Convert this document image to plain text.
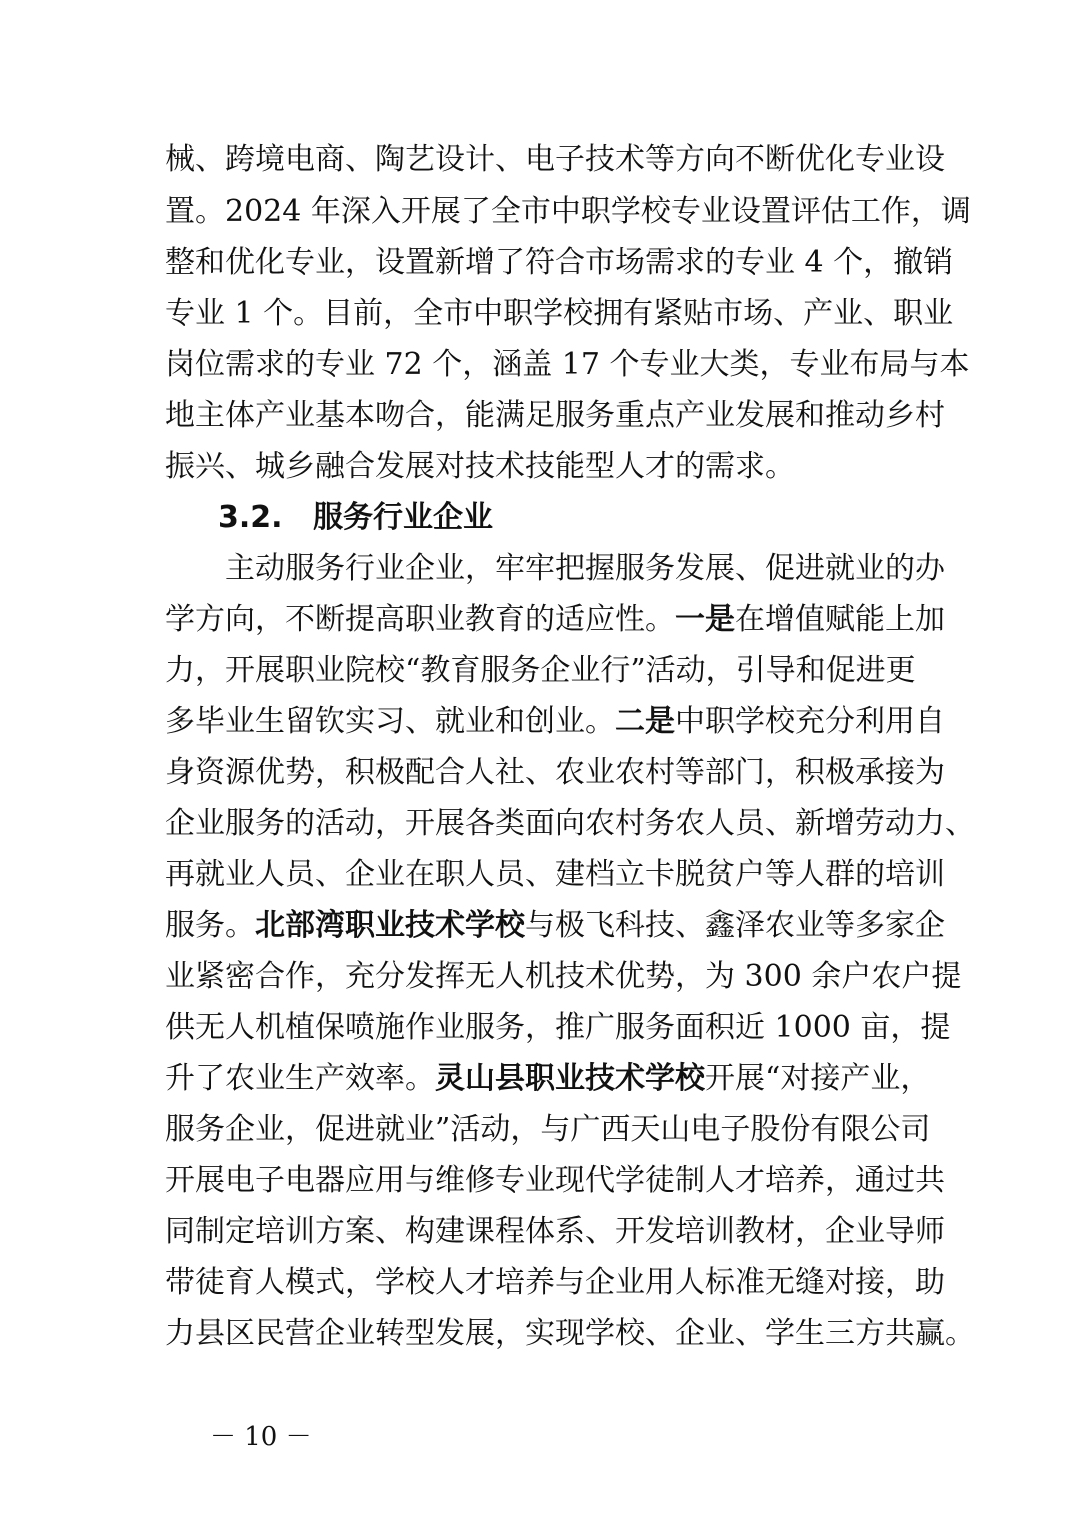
械、跨境电商、陶艺设计、电子技术等方向不断优化专业设
置。2024 年深入开展了全市中职学校专业设置评估工作，调
整和优化专业，设置新增了符合市场需求的专业 4 个，撤销
专业 1 个。目前，全市中职学校拥有紧贴市场、产业、职业
岗位需求的专业 72 个，涵盖 17 个专业大类，专业布局与本
地主体产业基本吻合，能满足服务重点产业发展和推动乡村
振兴、城乡融合发展对技术技能型人才的需求。
3.2. 服务行业企业
主动服务行业企业，牢牢把握服务发展、促进就业的办
学方向，不断提高职业教育的适应性。一是在增值赋能上加
力，开展职业院校“教育服务企业行”活动，引导和促进更
多毕业生留钦实习、就业和创业。二是中职学校充分利用自
身资源优势，积极配合人社、农业农村等部门，积极承接为
企业服务的活动，开展各类面向农村务农人员、新增劳动力、
再就业人员、企业在职人员、建档立卡脱贫户等人群的培训
服务。北部湾职业技术学校与极飞科技、鑫泽农业等多家企
业紧密合作，充分发挥无人机技术优势，为 300 余户农户提
供无人机植保喷施作业服务，推广服务面积近 1000 亩，提
升了农业生产效率。灵山县职业技术学校开展“对接产业，
服务企业，促进就业”活动，与广西天山电子股份有限公司
开展电子电器应用与维修专业现代学徒制人才培养，通过共
同制定培训方案、构建课程体系、开发培训教材，企业导师
带徒育人模式，学校人才培养与企业用人标准无缝对接，助
力县区民营企业转型发展，实现学校、企业、学生三方共赢。
－ 10 －
